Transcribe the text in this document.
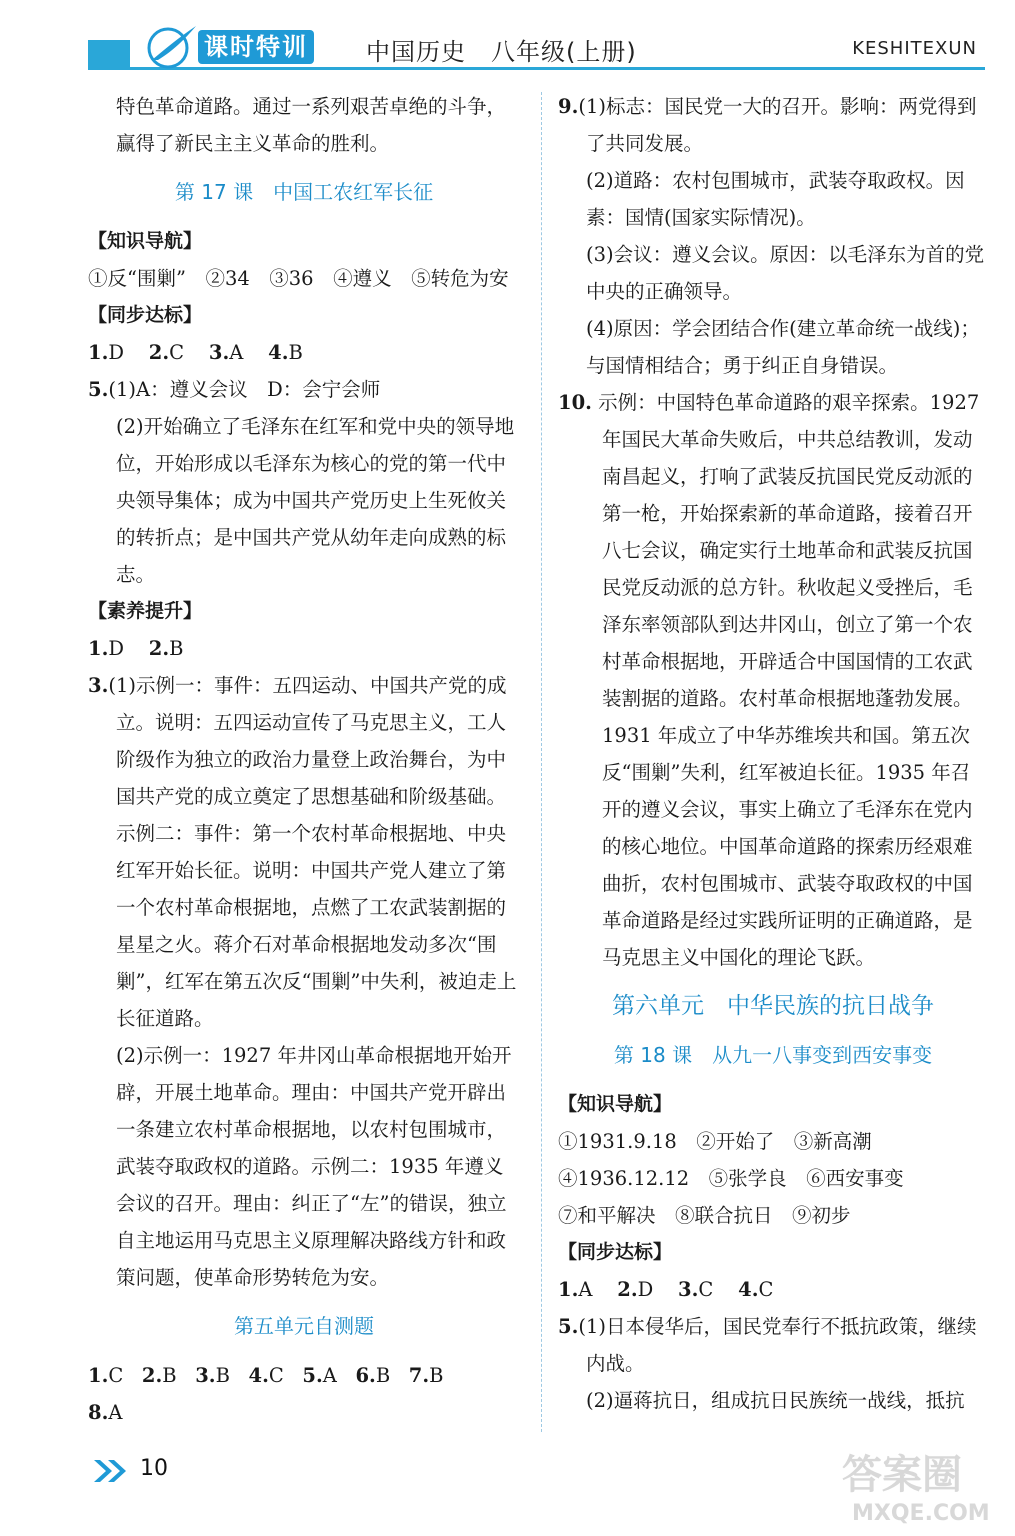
课时特训 中国历史　八年级(上册)	KESHITEXUN

特色革命道路。通过一系列艰苦卓绝的斗争，

赢得了新民主主义革命的胜利。

第 17 课　中国工农红军长征

【知识导航】

①反“围剿”　②34　③36　④遵义　⑤转危为安

【同步达标】

1.D 2.C 3.A 4.B

5.(1)A：遵义会议　D：会宁会师

(2)开始确立了毛泽东在红军和党中央的领导地位，开始形成以毛泽东为核心的党的第一代中央领导集体；成为中国共产党历史上生死攸关的转折点；是中国共产党从幼年走向成熟的标志。

【素养提升】

1.D 2.B

3.(1)示例一：事件：五四运动、中国共产党的成立。说明：五四运动宣传了马克思主义，工人阶级作为独立的政治力量登上政治舞台，为中国共产党的成立奠定了思想基础和阶级基础。示例二：事件：第一个农村革命根据地、中央红军开始长征。说明：中国共产党人建立了第一个农村革命根据地，点燃了工农武装割据的星星之火。蒋介石对革命根据地发动多次“围剿”，红军在第五次反“围剿”中失利，被迫走上长征道路。

(2)示例一：1927 年井冈山革命根据地开始开辟，开展土地革命。理由：中国共产党开辟出一条建立农村革命根据地，以农村包围城市，武装夺取政权的道路。示例二：1935 年遵义会议的召开。理由：纠正了“左”的错误，独立自主地运用马克思主义原理解决路线方针和政策问题，使革命形势转危为安。

第五单元自测题

1.C 2.B 3.B 4.C 5.A 6.B 7.B

8.A

9.(1)标志：国民党一大的召开。影响：两党得到了共同发展。

(2)道路：农村包围城市，武装夺取政权。因素：国情(国家实际情况)。

(3)会议：遵义会议。原因：以毛泽东为首的党中央的正确领导。

(4)原因：学会团结合作(建立革命统一战线)；与国情相结合；勇于纠正自身错误。

10. 示例：中国特色革命道路的艰辛探索。1927 年国民大革命失败后，中共总结教训，发动南昌起义，打响了武装反抗国民党反动派的第一枪，开始探索新的革命道路，接着召开八七会议，确定实行土地革命和武装反抗国民党反动派的总方针。秋收起义受挫后，毛泽东率领部队到达井冈山，创立了第一个农村革命根据地，开辟适合中国国情的工农武装割据的道路。农村革命根据地蓬勃发展。1931 年成立了中华苏维埃共和国。第五次反“围剿”失利，红军被迫长征。1935 年召开的遵义会议，事实上确立了毛泽东在党内的核心地位。中国革命道路的探索历经艰难曲折，农村包围城市、武装夺取政权的中国革命道路是经过实践所证明的正确道路，是马克思主义中国化的理论飞跃。

第六单元　中华民族的抗日战争

第 18 课　从九一八事变到西安事变

【知识导航】

①1931.9.18　②开始了　③新高潮

④1936.12.12　⑤张学良　⑥西安事变

⑦和平解决　⑧联合抗日　⑨初步

【同步达标】

1.A 2.D 3.C 4.C

5.(1)日本侵华后，国民党奉行不抵抗政策，继续内战。

(2)逼蒋抗日，组成抗日民族统一战线，抵抗

10	答案圈
MXQE.COM
